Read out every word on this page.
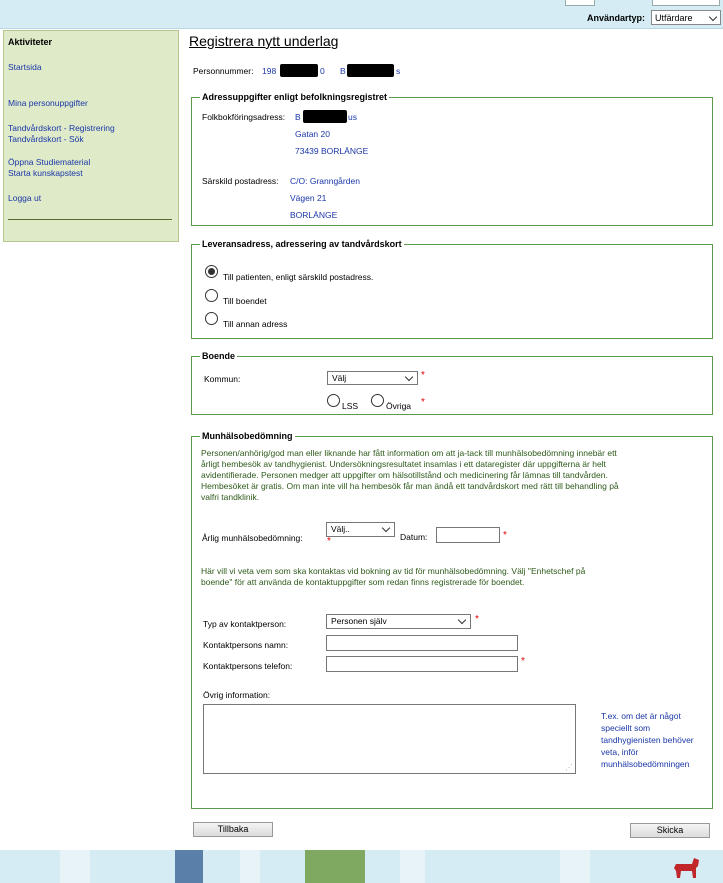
Användartyp:	Utfärdare
Aktiviteter
Startsida
Mina personuppgifter
Tandvårdskort - Registrering
Tandvårdskort - Sök
Öppna Studiematerial
Starta kunskapstest
Logga ut
Registrera nytt underlag
Personnummer: 198	0 B	s
Adressuppgifter enligt befolkningsregistret
Folkbokföringsadress: B	us
Gatan 20
73439 BORLÄNGE
Särskild postadress: C/O: Granngården
Vägen 21
BORLÄNGE
Leveransadress, adressering av tandvårdskort
Till patienten, enligt särskild postadress.
Till boendet
Till annan adress
Boende
Kommun:	Välj	*
LSS	Övriga *
Munhälsobedömning
Personen/anhörig/god man eller liknande har fått information om att ja-tack till munhälsobedömning innebär ett årligt hembesök av tandhygienist. Undersökningsresultatet insamlas i ett dataregister där uppgifterna är helt avidentifierade. Personen medger att uppgifter om hälsotillstånd och medicinering får lämnas till tandvården. Hembesöket är gratis. Om man inte vill ha hembesök får man ändå ett tandvårdskort med rätt till behandling på valfri tandklinik.
Årlig munhälsobedömning:
Välj..
*	Datum:	*
Här vill vi veta vem som ska kontaktas vid bokning av tid för munhälsobedömning. Välj "Enhetschef på boende" för att använda de kontaktuppgifter som redan finns registrerade för boendet.
Typ av kontaktperson:	Personen själv	*
Kontaktpersons namn:
Kontaktpersons telefon:	*
Övrig information:
⋰
T.ex. om det är något speciellt som tandhygienisten behöver veta, inför munhälsobedömningen
Tillbaka	Skicka
